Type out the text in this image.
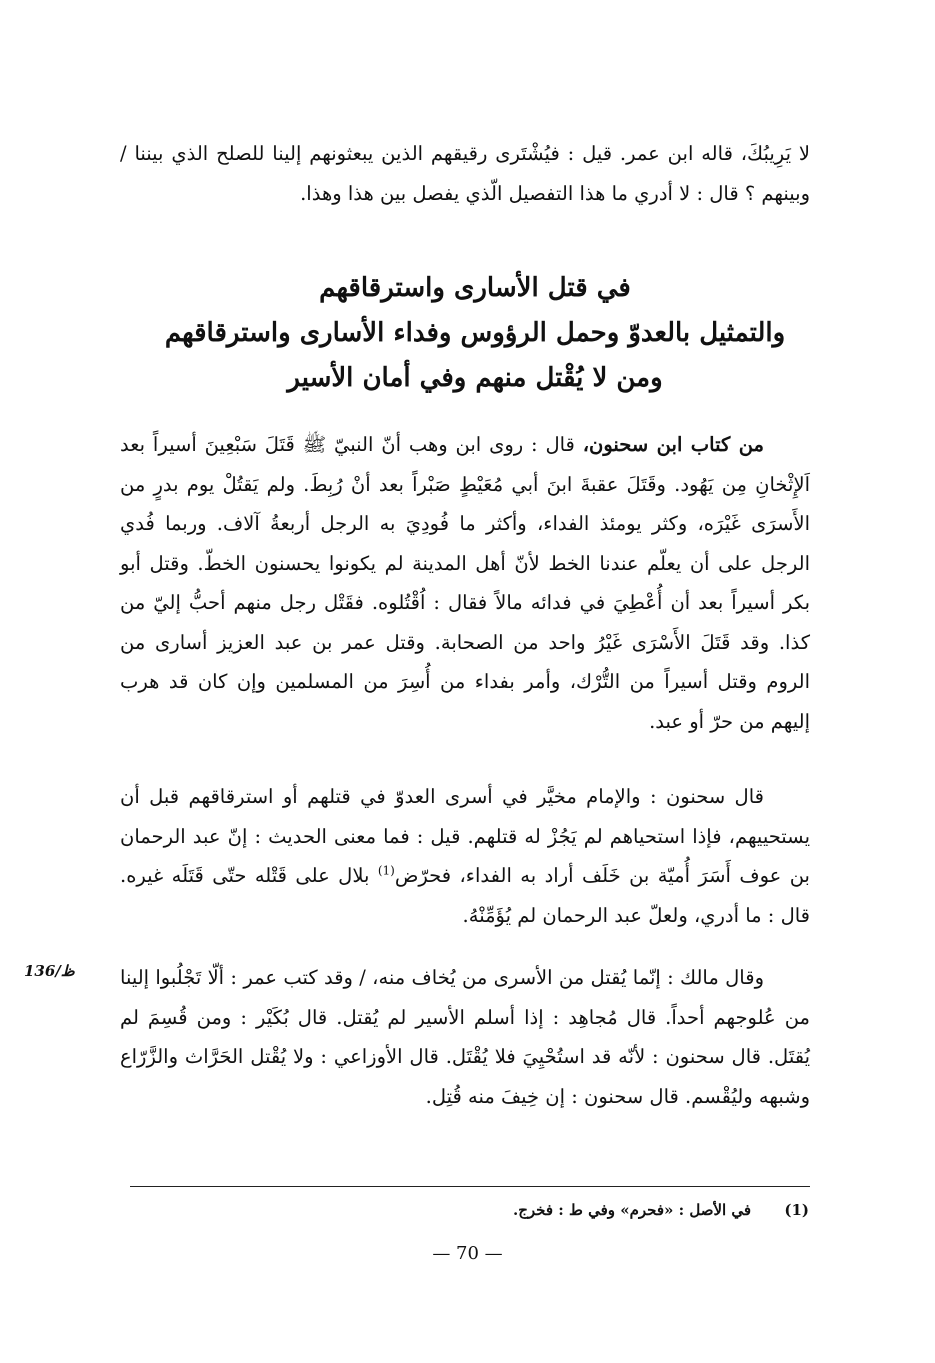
لا يَرِيبُكَ، قاله ابن عمر. قيل : فيُشْتَرى رقيقهم الذين يبعثونهم إلينا للصلح الذي بيننا / وبينهم ؟ قال : لا أدري ما هذا التفصيل الّذي يفصل بين هذا وهذا.

في قتل الأسارى واسترقاقهم
والتمثيل بالعدوّ وحمل الرؤوس وفداء الأسارى واسترقاقهم
ومن لا يُقْتل منهم وفي أمان الأسير

من كتاب ابن سحنون، قال : روى ابن وهب أنّ النبيّ ﷺ قَتَلَ سَبْعِينَ أسيراً بعد اَلإِثْخانِ مِن يَهُود. وقَتَلَ عقبةَ ابنَ أبي مُعَيْطٍ صَبْراً بعد أنْ رُبِطَ. ولم يَقتُلْ يوم بدرٍ من الأَسرَى غَيْرَه، وكثر يومئذ الفداء، وأكثر ما فُودِيَ به الرجل أربعةُ آلاف. وربما فُدي الرجل على أن يعلّم عندنا الخط لأنّ أهل المدينة لم يكونوا يحسنون الخطّ. وقتل أبو بكر أسيراً بعد أن أُعْطِيَ في فدائه مالاً فقال : اُقْتُلوه. فقَتْل رجل منهم أحبُّ إليّ من كذا. وقد قَتَلَ الأَسْرَى غَيْرُ واحد من الصحابة. وقتل عمر بن عبد العزيز أسارى من الروم وقتل أسيراً من التُّرْك، وأمر بفداء من أُسِرَ من المسلمين وإن كان قد هرب إليهم من حرّ أو عبد.

قال سحنون : والإمام مخيَّر في أسرى العدوّ في قتلهم أو استرقاقهم قبل أن يستحييهم، فإذا استحياهم لم يَجُزْ له قتلهم. قيل : فما معنى الحديث : إنّ عبد الرحمان بن عوف أَسَرَ أُميّة بن خَلَف أراد به الفداء، فحرّض$^{(1)}$ بلال على قَتْله حتّى قَتَلَه غيره. قال : ما أدري، ولعلّ عبد الرحمان لم يُؤَمِّنْهُ.

وقال مالك : إنّما يُقتل من الأسرى من يُخاف منه، / وقد كتب عمر : ألّا تَجْلُبوا إلينا من عُلوجهم أحداً. قال مُجاهِد : إذا أسلم الأسير لم يُقتل. قال بُكَيْر : ومن قُسِمَ لم يُقتَل. قال سحنون : لأنّه قد استُحْيِيَ فلا يُقْتَل. قال الأوزاعي : ولا يُقْتل الحَرَّاث والزَّرّاع وشبهه وليُقْسم. قال سحنون : إن خِيفَ منه قُتِل.

136/ظ
(1) في الأصل : «فحرم» وفي ط : فخرج.
— 70 —
